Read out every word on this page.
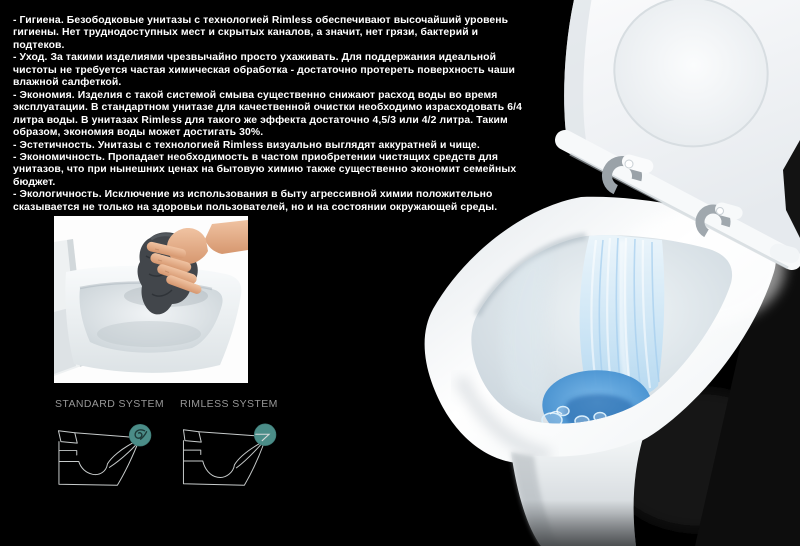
- Гигиена. Безободковые унитазы с технологией Rimless обеспечивают высочайший уровень гигиены. Нет труднодоступных мест и скрытых каналов, а значит, нет грязи, бактерий и подтеков.

- Уход. За такими изделиями чрезвычайно просто ухаживать. Для поддержания идеальной чистоты не требуется частая химическая обработка - достаточно протереть поверхность чаши влажной салфеткой.

- Экономия. Изделия с такой системой смыва существенно снижают расход воды во время эксплуатации. В стандартном унитазе для качественной очистки необходимо израсходовать 6/4 литра воды. В унитазах Rimless для такого же эффекта достаточно 4,5/3 или 4/2 литра. Таким образом, экономия воды может достигать 30%.

- Эстетичность. Унитазы с технологией Rimless визуально выглядят аккуратней и чище.

- Экономичность. Пропадает необходимость в частом приобретении чистящих средств для унитазов, что при нынешних ценах на бытовую химию также существенно экономит семейных бюджет.

- Экологичность. Исключение из использования в быту агрессивной химии положительно сказывается не только на здоровьи пользователей, но и на состоянии окружающей среды.

STANDARD SYSTEM RIMLESS SYSTEM
